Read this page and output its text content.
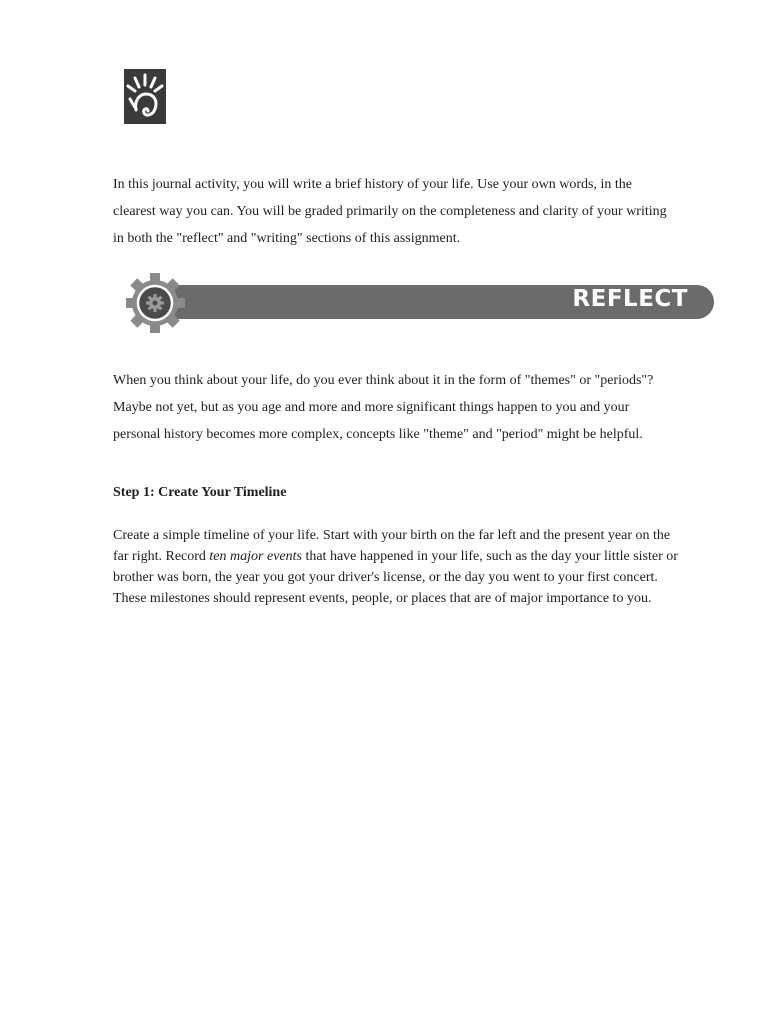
In this journal activity, you will write a brief history of your life. Use your own words, in the clearest way you can. You will be graded primarily on the completeness and clarity of your writing in both the "reflect" and "writing" sections of this assignment.

REFLECT

When you think about your life, do you ever think about it in the form of "themes" or "periods"? Maybe not yet, but as you age and more and more significant things happen to you and your personal history becomes more complex, concepts like "theme" and "period" might be helpful.

Step 1: Create Your Timeline

Create a simple timeline of your life. Start with your birth on the far left and the present year on the far right. Record ten major events that have happened in your life, such as the day your little sister or brother was born, the year you got your driver's license, or the day you went to your first concert. These milestones should represent events, people, or places that are of major importance to you.
